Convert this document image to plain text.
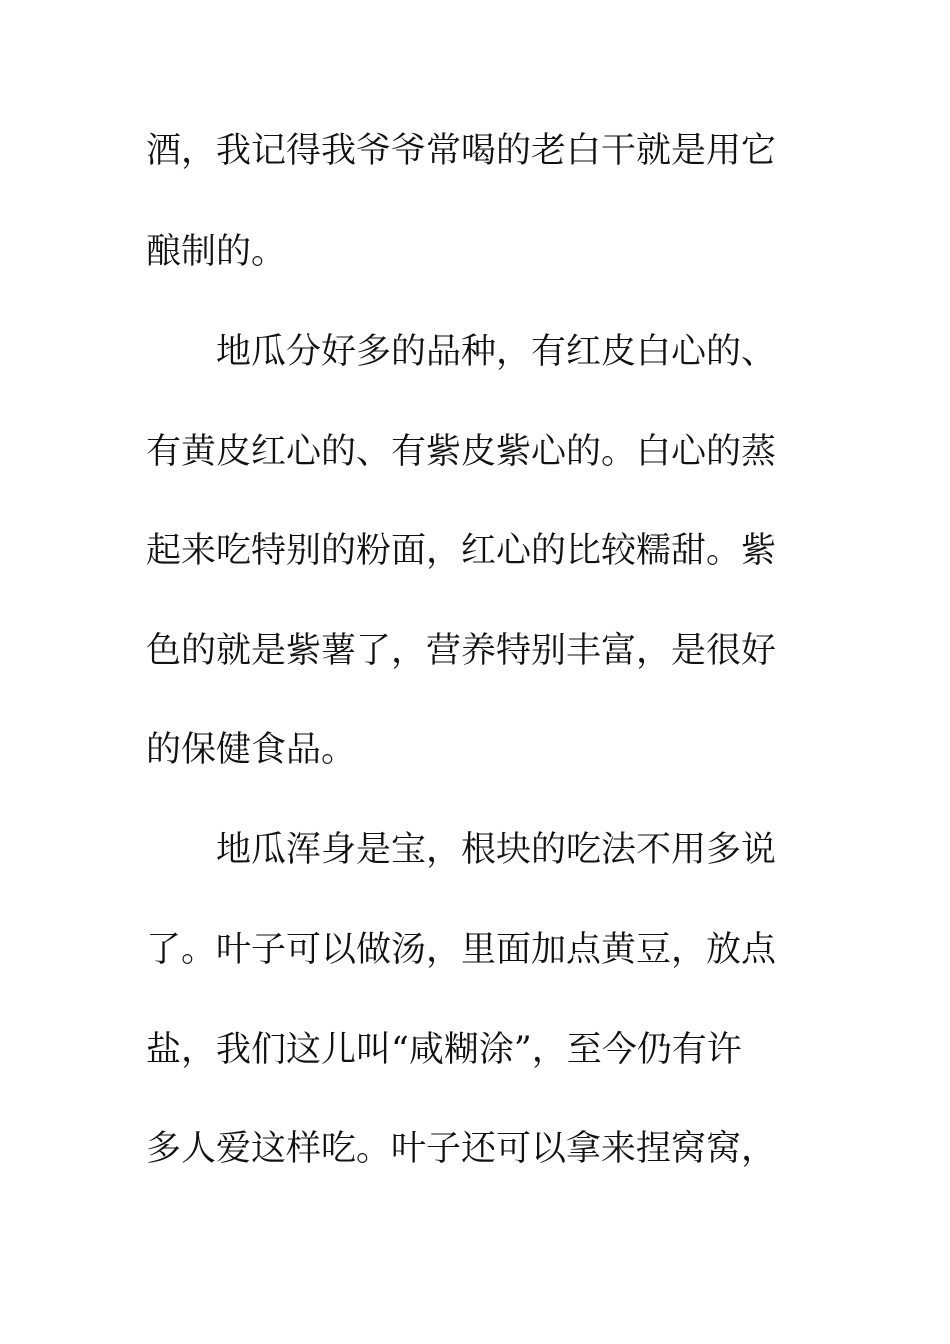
酒，我记得我爷爷常喝的老白干就是用它
酿制的。
地瓜分好多的品种，有红皮白心的、
有黄皮红心的、有紫皮紫心的。白心的蒸
起来吃特别的粉面，红心的比较糯甜。紫
色的就是紫薯了，营养特别丰富，是很好
的保健食品。
地瓜浑身是宝，根块的吃法不用多说
了。叶子可以做汤，里面加点黄豆，放点
盐，我们这儿叫“咸糊涂”，至今仍有许
多人爱这样吃。叶子还可以拿来捏窝窝，
